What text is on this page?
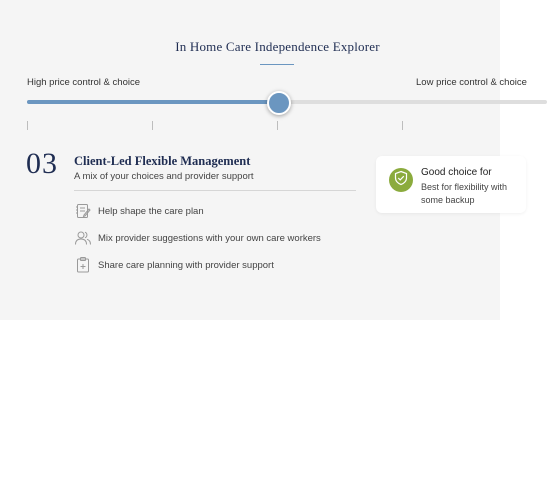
In Home Care Independence Explorer
High price control & choice	Low price control & choice
03 Client-Led Flexible Management
A mix of your choices and provider support
Help shape the care plan
Mix provider suggestions with your own care workers
Share care planning with provider support
Good choice for
Best for flexibility with
some backup
